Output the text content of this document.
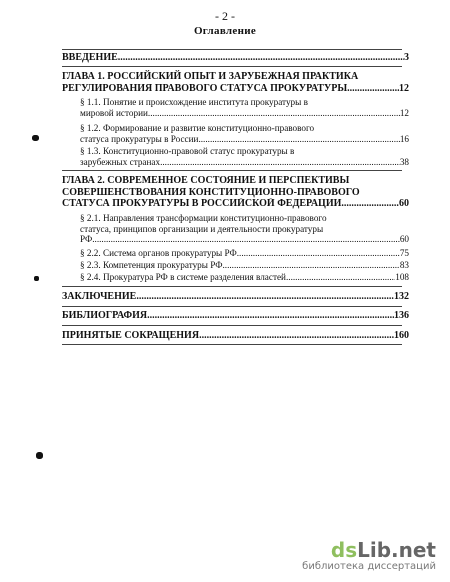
- 2 -
Оглавление
ВВЕДЕНИЕ. .....	3
ГЛАВА 1. РОССИЙСКИЙ ОПЫТ И ЗАРУБЕЖНАЯ ПРАКТИКА
РЕГУЛИРОВАНИЯ ПРАВОВОГО СТАТУСА ПРОКУРАТУРЫ. .....	12
§ 1.1. Понятие и происхождение института прокуратуры в
мировой истории. .....	12
§ 1.2. Формирование и развитие конституционно-правового
статуса прокуратуры в России. .....	16
§ 1.3. Конституционно-правовой статус прокуратуры в
зарубежных странах. .....	38
ГЛАВА 2. СОВРЕМЕННОЕ СОСТОЯНИЕ И ПЕРСПЕКТИВЫ
СОВЕРШЕНСТВОВАНИЯ КОНСТИТУЦИОННО-ПРАВОВОГО
СТАТУСА ПРОКУРАТУРЫ В РОССИЙСКОЙ ФЕДЕРАЦИИ. .....	60
§ 2.1. Направления трансформации конституционно-правового
статуса, принципов организации и деятельности прокуратуры
РФ. .....	60
§ 2.2. Система органов прокуратуры РФ. .....	75
§ 2.3. Компетенция прокуратуры РФ. .....	83
§ 2.4. Прокуратура РФ в системе разделения властей. .....	108
ЗАКЛЮЧЕНИЕ. .....	132
БИБЛИОГРАФИЯ. .....	136
ПРИНЯТЫЕ СОКРАЩЕНИЯ .....	160
dsLib.net
библиотека диссертаций
